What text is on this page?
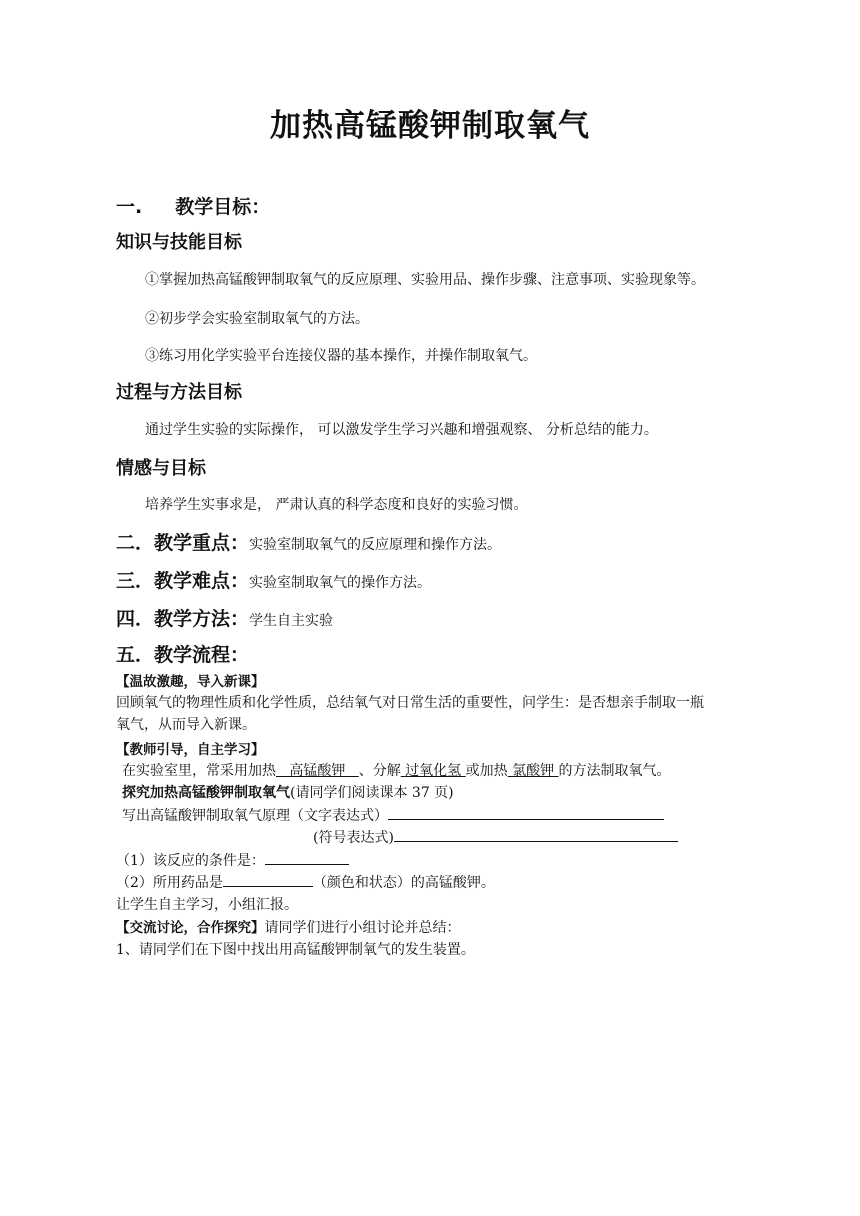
加热高锰酸钾制取氧气
一. 教学目标：
知识与技能目标
①掌握加热高锰酸钾制取氧气的反应原理、实验用品、操作步骤、注意事项、实验现象等。
②初步学会实验室制取氧气的方法。
③练习用化学实验平台连接仪器的基本操作，并操作制取氧气。
过程与方法目标
通过学生实验的实际操作， 可以激发学生学习兴趣和增强观察、 分析总结的能力。
情感与目标
培养学生实事求是， 严肃认真的科学态度和良好的实验习惯。
二．教学重点：实验室制取氧气的反应原理和操作方法。
三．教学难点：实验室制取氧气的操作方法。
四．教学方法：学生自主实验
五．教学流程：
【温故激趣，导入新课】
回顾氧气的物理性质和化学性质，总结氧气对日常生活的重要性，问学生：是否想亲手制取一瓶
氧气，从而导入新课。
【教师引导，自主学习】
在实验室里，常采用加热 高锰酸钾 、分解 过氧化氢 或加热 氯酸钾 的方法制取氧气。
探究加热高锰酸钾制取氧气(请同学们阅读课本 37 页)
写出高锰酸钾制取氧气原理（文字表达式）
(符号表达式)
（1）该反应的条件是：
（2）所用药品是	（颜色和状态）的高锰酸钾。
让学生自主学习，小组汇报。
【交流讨论，合作探究】请同学们进行小组讨论并总结：
1、请同学们在下图中找出用高锰酸钾制氧气的发生装置。
